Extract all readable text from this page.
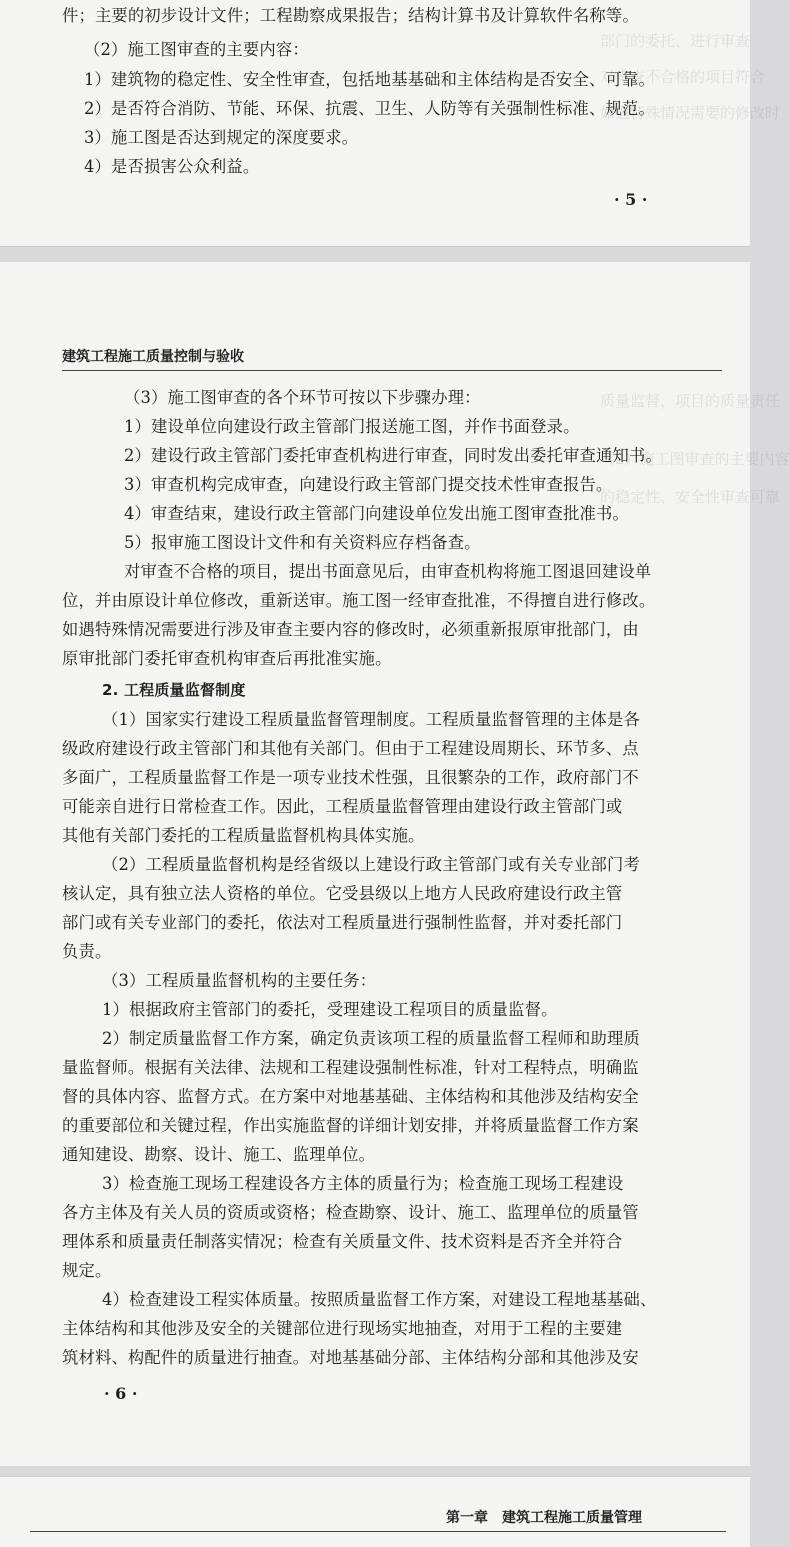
部门的委托、进行审查
对审查不合格的项目符合
如遇特殊情况需要的修改时
件；主要的初步设计文件；工程勘察成果报告；结构计算书及计算软件名称等。
（2）施工图审查的主要内容：
1）建筑物的稳定性、安全性审查，包括地基基础和主体结构是否安全、可靠。
2）是否符合消防、节能、环保、抗震、卫生、人防等有关强制性标准、规范。
3）施工图是否达到规定的深度要求。
4）是否损害公众利益。
· 5 ·
建筑工程施工质量控制与验收
质量监督，项目的质量责任
（2）施工图审查的主要内容
的稳定性、安全性审查可靠
（3）施工图审查的各个环节可按以下步骤办理：
1）建设单位向建设行政主管部门报送施工图，并作书面登录。
2）建设行政主管部门委托审查机构进行审查，同时发出委托审查通知书。
3）审查机构完成审查，向建设行政主管部门提交技术性审查报告。
4）审查结束，建设行政主管部门向建设单位发出施工图审查批准书。
5）报审施工图设计文件和有关资料应存档备查。
对审查不合格的项目，提出书面意见后，由审查机构将施工图退回建设单
位，并由原设计单位修改，重新送审。施工图一经审查批准，不得擅自进行修改。
如遇特殊情况需要进行涉及审查主要内容的修改时，必须重新报原审批部门，由
原审批部门委托审查机构审查后再批准实施。
2. 工程质量监督制度
（1）国家实行建设工程质量监督管理制度。工程质量监督管理的主体是各
级政府建设行政主管部门和其他有关部门。但由于工程建设周期长、环节多、点
多面广，工程质量监督工作是一项专业技术性强，且很繁杂的工作，政府部门不
可能亲自进行日常检查工作。因此，工程质量监督管理由建设行政主管部门或
其他有关部门委托的工程质量监督机构具体实施。
（2）工程质量监督机构是经省级以上建设行政主管部门或有关专业部门考
核认定，具有独立法人资格的单位。它受县级以上地方人民政府建设行政主管
部门或有关专业部门的委托，依法对工程质量进行强制性监督，并对委托部门
负责。
（3）工程质量监督机构的主要任务：
1）根据政府主管部门的委托，受理建设工程项目的质量监督。
2）制定质量监督工作方案，确定负责该项工程的质量监督工程师和助理质
量监督师。根据有关法律、法规和工程建设强制性标准，针对工程特点，明确监
督的具体内容、监督方式。在方案中对地基基础、主体结构和其他涉及结构安全
的重要部位和关键过程，作出实施监督的详细计划安排，并将质量监督工作方案
通知建设、勘察、设计、施工、监理单位。
3）检查施工现场工程建设各方主体的质量行为；检查施工现场工程建设
各方主体及有关人员的资质或资格；检查勘察、设计、施工、监理单位的质量管
理体系和质量责任制落实情况；检查有关质量文件、技术资料是否齐全并符合
规定。
4）检查建设工程实体质量。按照质量监督工作方案，对建设工程地基基础、
主体结构和其他涉及安全的关键部位进行现场实地抽查，对用于工程的主要建
筑材料、构配件的质量进行抽查。对地基基础分部、主体结构分部和其他涉及安
· 6 ·
第一章　建筑工程施工质量管理
